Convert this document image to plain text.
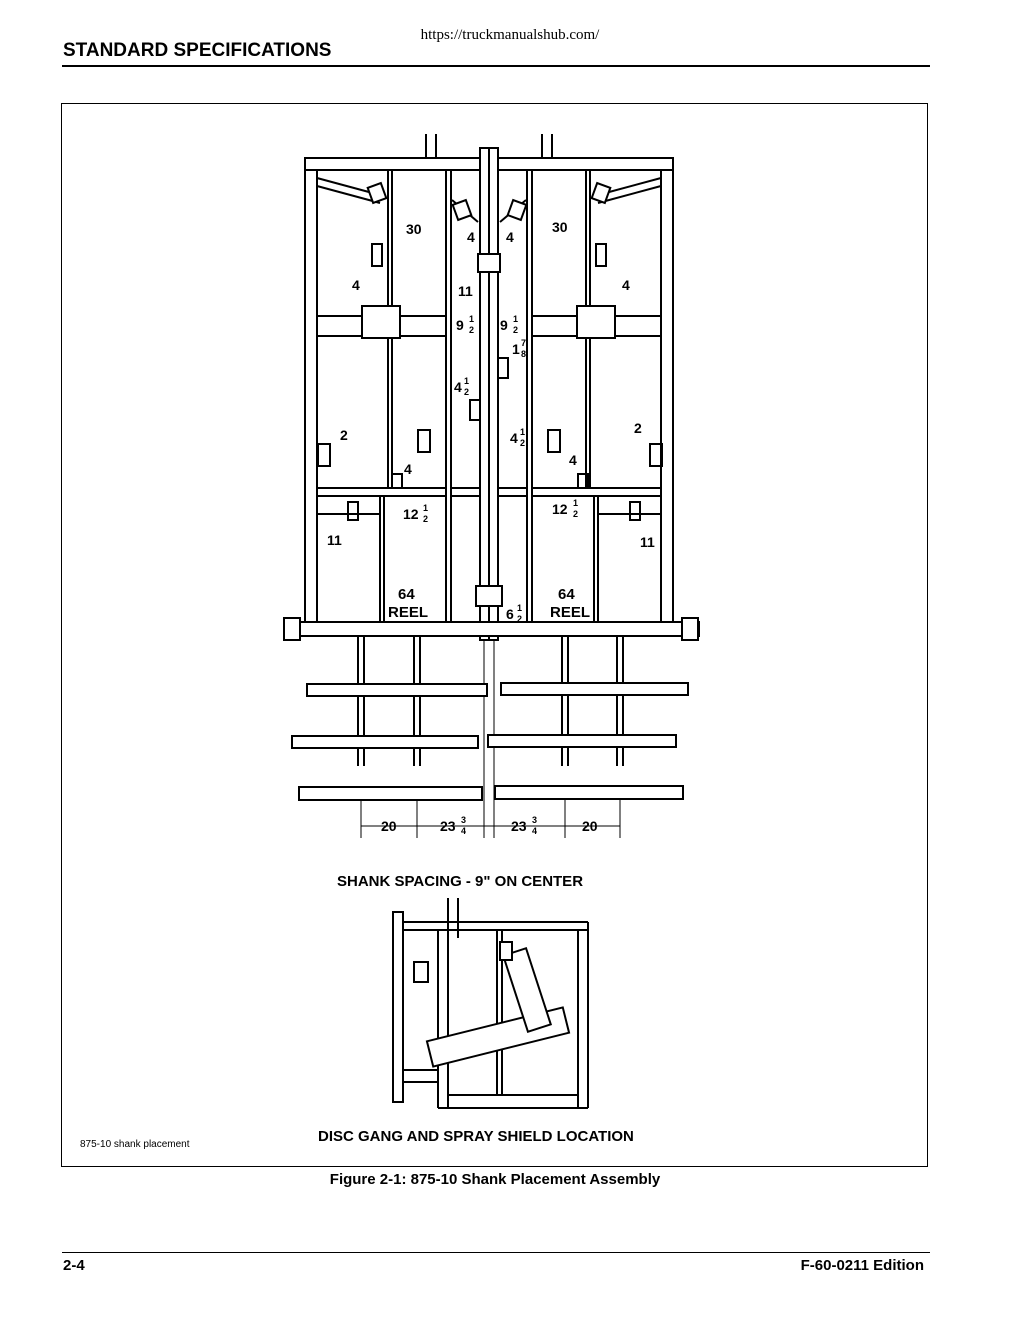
https://truckmanualshub.com/
STANDARD SPECIFICATIONS
30	30
4 4
4	4
11
9 1
2 9 1
2
1 7
8
4 1
2
4 1
2
2	2
4
4
12 1
2
12 1
2
11	11
64
REEL
64
REEL
6 1
2
20	23 3
4	23 3
4	20
SHANK SPACING - 9" ON CENTER
DISC GANG AND SPRAY SHIELD LOCATION
875-10 shank placement
Figure 2-1: 875-10 Shank Placement Assembly
2-4	F-60-0211 Edition
